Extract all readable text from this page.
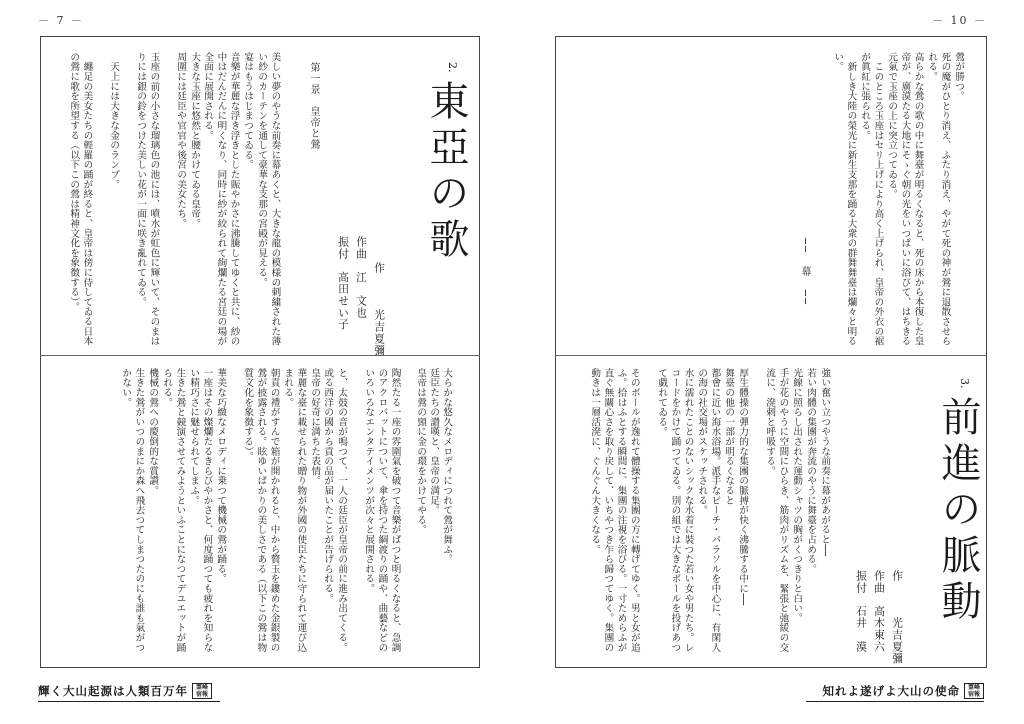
－ 7 －
2.
東亞の歌
作　　　光吉夏彌
作曲　江　文也
振付　高田せい子
第一景　皇帝と鶯
美しい夢のやうな前奏に幕あくと、大きな龍の模様の刺繍された薄い紗のカーテンを通して豪華な支那の宮殿が見える。
宴はもうはじまつてゐる。
音樂が華麗な浮き浮きとした賑やかさに沸騰してゆくと共に、紗の中はだんだんに明くなり、同時に紗が絞られて絢爛たる宮廷の場が全面に展開される。
大きな玉座に悠然と腰かけてゐる皇帝。
周圍には廷臣や官官や後宮の美女たち。
玉座の前の小さな瑠璃色の池には、噴水が虹色に輝いて、そのまはりには銀の鈴をつけた美しい花が一面に咲き亂れてゐる。
　天上には大きな金のランプ。
　纏足の美女たちの輕羅の踊が終ると、皇帝は傍に侍してゐる日本の鶯に歌を所望する（以下この鶯は精神文化を象徴する）。
大らかな悠久なメロディにつれて鶯が舞ふ。
廷臣たちの讃嘆と、皇帝の満足。
皇帝は鶯の頸に金の環をかけてやる。
陶然たる一座の雰圍氣を破つて音樂がぱつと明るくなると、急調のアクロバットについて、傘を持つた綱渡りの踊や、曲藝などのいろいろなエンタテイメンツが次々と展開される。
と、太鼓の音が鳴つて、一人の廷臣が皇帝の前に進み出てくる。
或る西洋の國から貢の品が届いたことが告げられる。
皇帝の好奇に満ちた表情。
華麗な臺に載せられた贈り物が外國の使臣たちに守られて運び込まれる。
朝貢の禮がすんで箱が開かれると、中から贅玉を鏤めた金銀製の鶯が披露される。眩ゆいばかりの美しさである（以下この鶯は物質文化を象徴する）。
華美な巧緻なメロディに乗つて機械の鶯が踊る。
一座はその燦爛たるきらびやかさと、何度踊つても疲れを知らない精巧さに魅せられてしまふ。
生きた鶯と競演させてみようといふことになつてデユエットが踊られる。
機械の鶯への慶倒的な賞讃。
生きた鶯がいつのまにか森へ飛去つてしまつたのにも誰も氣がつかない。
輝く大山起源は人類百万年	霊峰 宿報
－ 10 －
鶯が勝つ。
死の魔がひとり消え、ふたり消え、やがて死の神が鶯に退散させられる。
高らかな鶯の歌の中に舞臺が明るくなると、死の床から本復した皇帝が、廣漠たる大地にそゝぐ朝の光をいつぱいに浴びて、はちきる元氣で玉座の上に突立つてゐる。
　このところ玉座はセリ上げにより高く上げられ、皇帝の外衣の裾が眞紅に張られる。
　新しき大陸の榮光に新生支那を踊る大衆の群舞舞臺は爛々と明るい。
──　幕　──
3.
前進の脈動
作　　　光吉夏彌
作曲　高木東六
振付　石井　漠
強い奮い立つやうな前奏に幕があがると──
若い肉體の集團が奔流のやうに舞臺を占める。
光線に照らし出された運動シャツの胸がくつきりと白い。
手が花のやうに空間にひらき、筋肉がリズムを、緊張と弛緩の交流に、溌剌と呼吸する。
厚生體操の彈力的な集團の脈搏が快く沸騰する中に──
舞臺の他の一部が明るくなると
都會に近い海水浴場。派手なビーチ・パラソルを中心に、有閑人の海の社交場がスケッチされる。
水に濡れたことのないシックな水着に裝つた若い女や男たち。レコードをかけて踊つてゐる。別の組では大きなボールを投げあつて戯れてゐる。
そのボールが逸れて體操する集團の方に轉げてゆく。男と女が追ふ。拾はふとする瞬間に、集團の注視を浴びる。一寸ためらふが直ぐ無關心さを取り戻して、いちやつき乍ら歸つてゆく。集團の動きは一層活溌に、ぐんぐん大きくなる。
知れよ遂げよ大山の使命	霊峰 宿報
